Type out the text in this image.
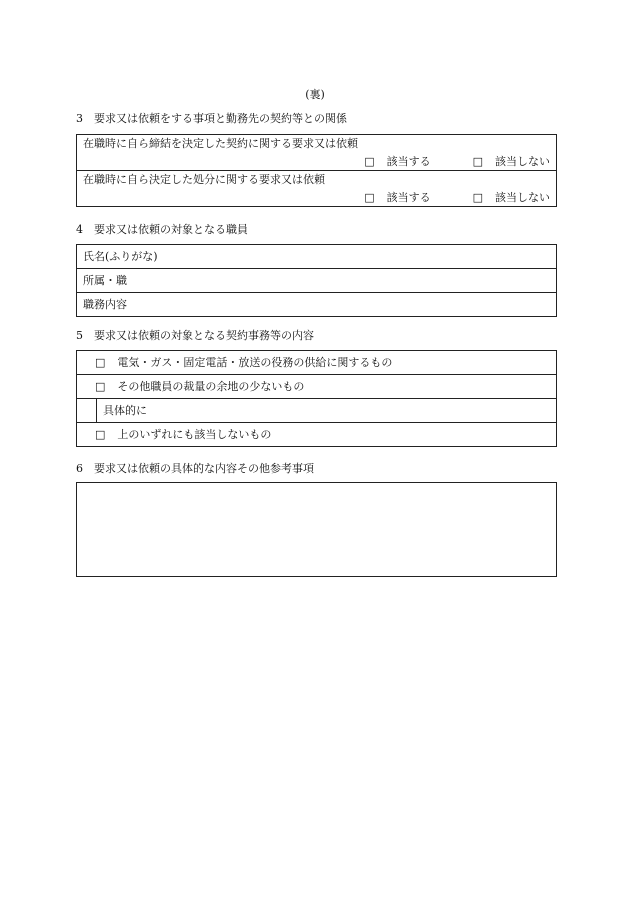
(裏)
3 要求又は依頼をする事項と勤務先の契約等との関係
在職時に自ら締結を決定した契約に関する要求又は依頼
□ 該当する	□ 該当しない

在職時に自ら決定した処分に関する要求又は依頼
□ 該当する	□ 該当しない
4 要求又は依頼の対象となる職員
氏名(ふりがな)
所属・職
職務内容
5 要求又は依頼の対象となる契約事務等の内容
□ 電気・ガス・固定電話・放送の役務の供給に関するもの
□ その他職員の裁量の余地の少ないもの
	具体的に
□ 上のいずれにも該当しないもの
6 要求又は依頼の具体的な内容その他参考事項
